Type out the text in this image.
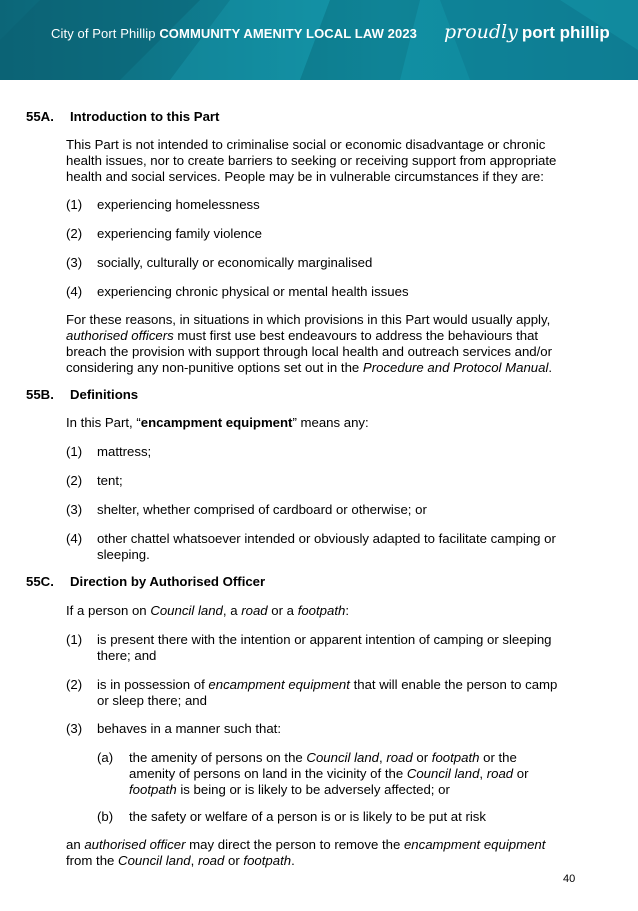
City of Port Phillip COMMUNITY AMENITY LOCAL LAW 2023 proudly port phillip
55A. Introduction to this Part
This Part is not intended to criminalise social or economic disadvantage or chronic health issues, nor to create barriers to seeking or receiving support from appropriate health and social services. People may be in vulnerable circumstances if they are:
(1) experiencing homelessness
(2) experiencing family violence
(3) socially, culturally or economically marginalised
(4) experiencing chronic physical or mental health issues
For these reasons, in situations in which provisions in this Part would usually apply, authorised officers must first use best endeavours to address the behaviours that breach the provision with support through local health and outreach services and/or considering any non-punitive options set out in the Procedure and Protocol Manual.
55B. Definitions
In this Part, “encampment equipment” means any:
(1) mattress;
(2) tent;
(3) shelter, whether comprised of cardboard or otherwise; or
(4) other chattel whatsoever intended or obviously adapted to facilitate camping or sleeping.
55C. Direction by Authorised Officer
If a person on Council land, a road or a footpath:
(1) is present there with the intention or apparent intention of camping or sleeping there; and
(2) is in possession of encampment equipment that will enable the person to camp or sleep there; and
(3) behaves in a manner such that:
(a) the amenity of persons on the Council land, road or footpath or the amenity of persons on land in the vicinity of the Council land, road or footpath is being or is likely to be adversely affected; or
(b) the safety or welfare of a person is or is likely to be put at risk
an authorised officer may direct the person to remove the encampment equipment from the Council land, road or footpath.
40
